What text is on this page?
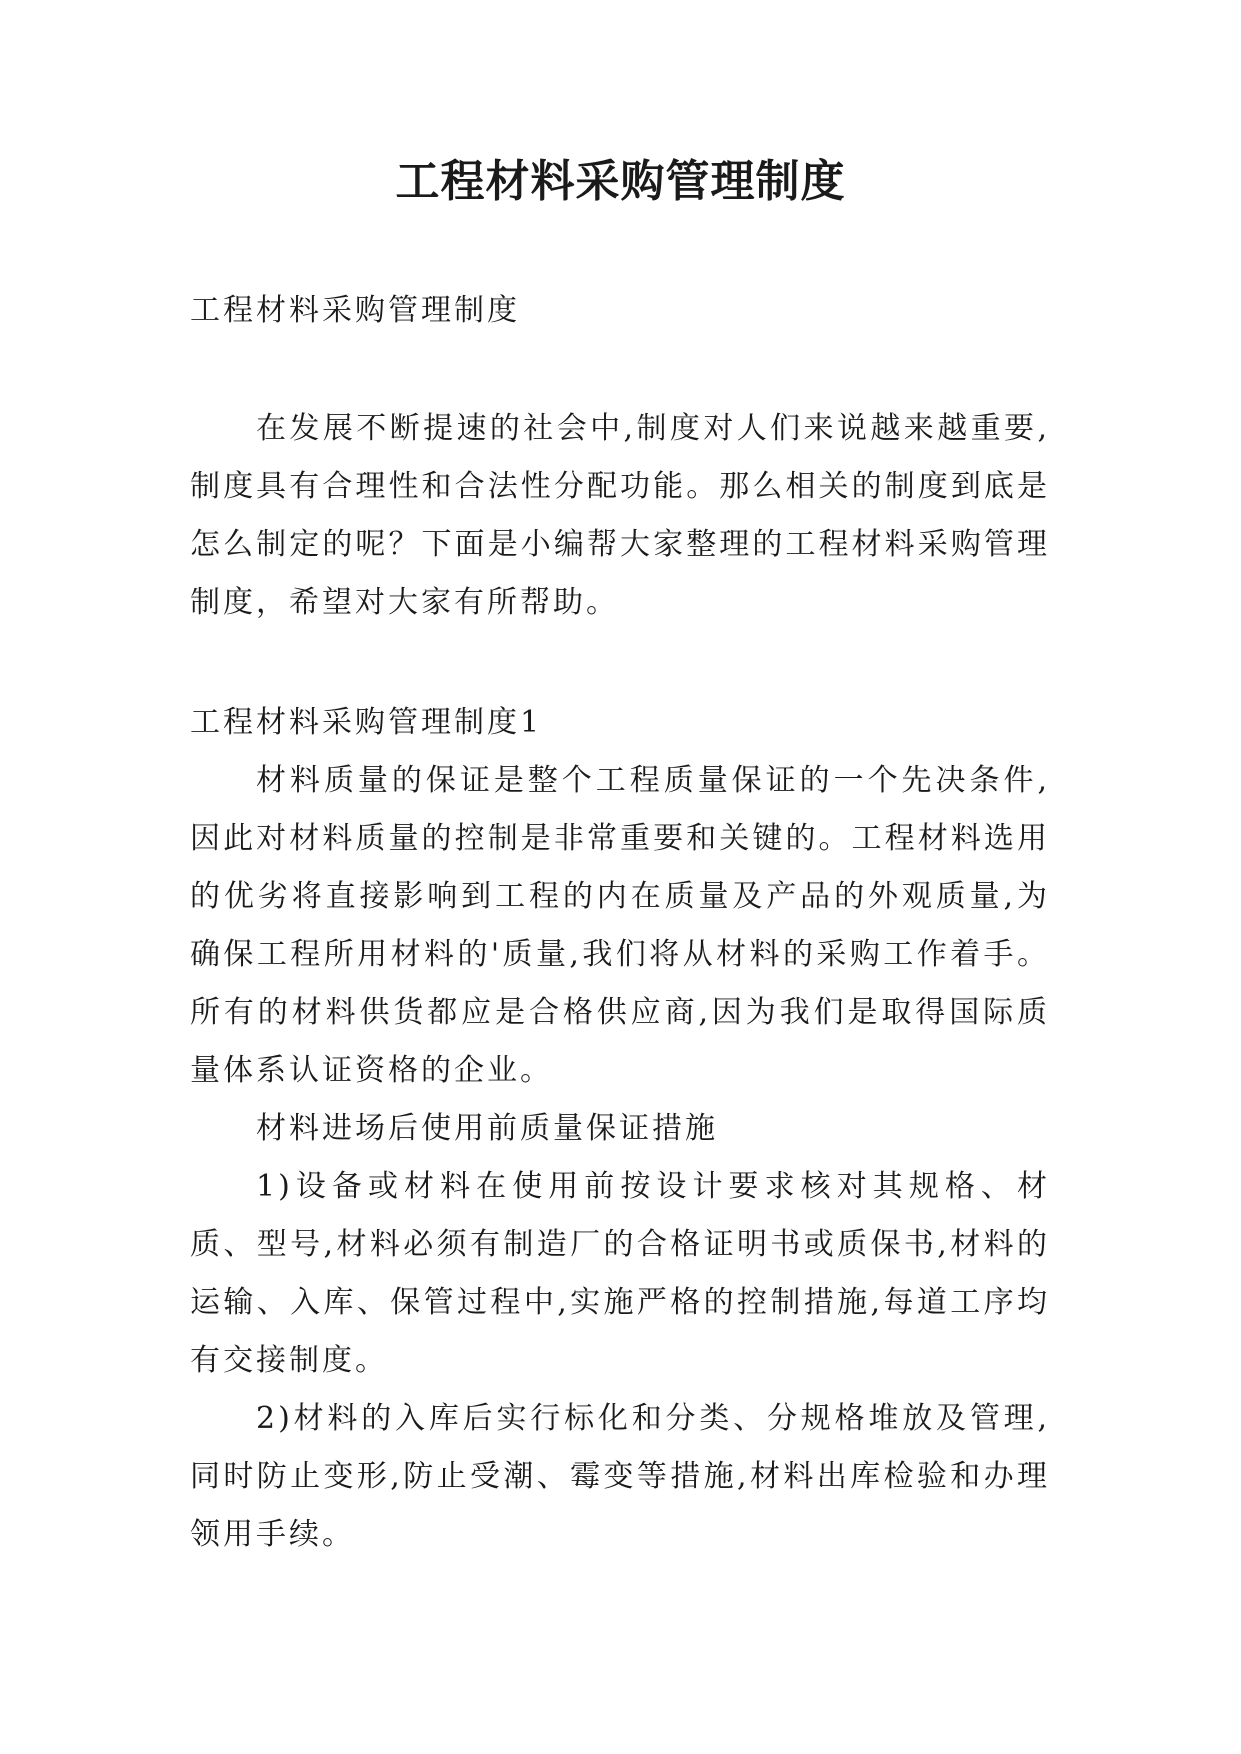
工程材料采购管理制度

工程材料采购管理制度

在发展不断提速的社会中,制度对人们来说越来越重要,制度具有合理性和合法性分配功能。那么相关的制度到底是怎么制定的呢？下面是小编帮大家整理的工程材料采购管理制度，希望对大家有所帮助。

工程材料采购管理制度1

材料质量的保证是整个工程质量保证的一个先决条件,因此对材料质量的控制是非常重要和关键的。工程材料选用的优劣将直接影响到工程的内在质量及产品的外观质量,为确保工程所用材料的'质量,我们将从材料的采购工作着手。所有的材料供货都应是合格供应商,因为我们是取得国际质量体系认证资格的企业。

材料进场后使用前质量保证措施

1)设备或材料在使用前按设计要求核对其规格、材质、型号,材料必须有制造厂的合格证明书或质保书,材料的运输、入库、保管过程中,实施严格的控制措施,每道工序均有交接制度。

2)材料的入库后实行标化和分类、分规格堆放及管理,同时防止变形,防止受潮、霉变等措施,材料出库检验和办理领用手续。
